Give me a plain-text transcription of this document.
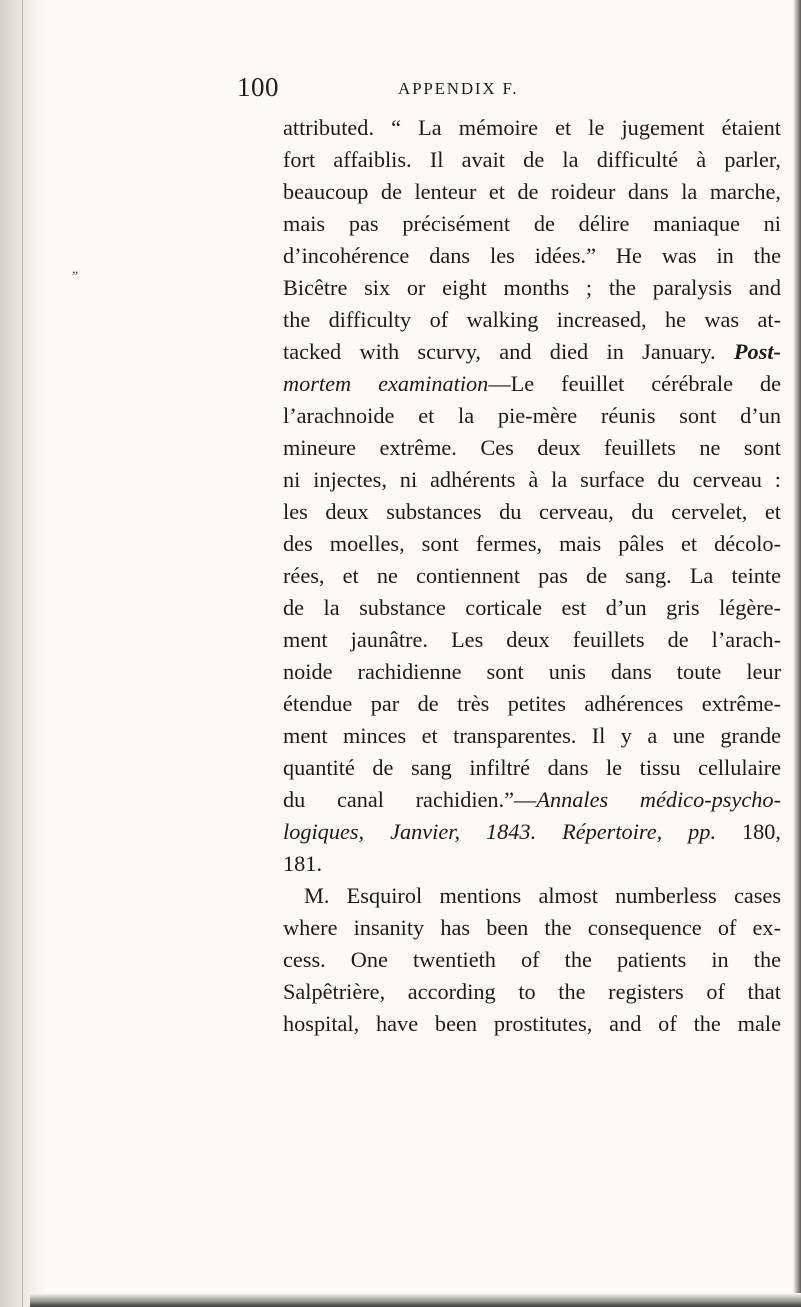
„
100	APPENDIX F.
attributed. “ La mémoire et le jugement étaient
fort affaiblis. Il avait de la difficulté à parler,
beaucoup de lenteur et de roideur dans la marche,
mais pas précisément de délire maniaque ni
d’incohérence dans les idées.” He was in the
Bicêtre six or eight months ; the paralysis and
the difficulty of walking increased, he was at-
tacked with scurvy, and died in January. Post-
mortem examination—Le feuillet cérébrale de
l’arachnoide et la pie-mère réunis sont d’un
mineure extrême. Ces deux feuillets ne sont
ni injectes, ni adhérents à la surface du cerveau :
les deux substances du cerveau, du cervelet, et
des moelles, sont fermes, mais pâles et décolo-
rées, et ne contiennent pas de sang. La teinte
de la substance corticale est d’un gris légère-
ment jaunâtre. Les deux feuillets de l’arach-
noide rachidienne sont unis dans toute leur
étendue par de très petites adhérences extrême-
ment minces et transparentes. Il y a une grande
quantité de sang infiltré dans le tissu cellulaire
du canal rachidien.”—Annales médico-psycho-
logiques, Janvier, 1843. Répertoire, pp. 180,
181.
M. Esquirol mentions almost numberless cases
where insanity has been the consequence of ex-
cess. One twentieth of the patients in the
Salpêtrière, according to the registers of that
hospital, have been prostitutes, and of the male
